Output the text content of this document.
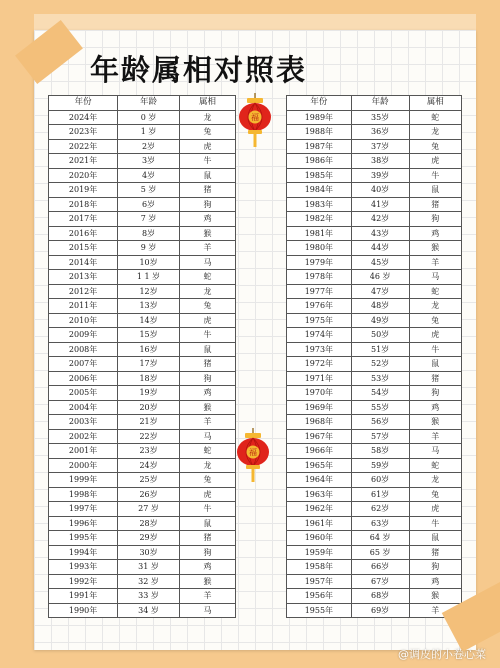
年龄属相对照表
年份	年龄	属相
2024年	0 岁	龙
2023年	1 岁	兔
2022年	2岁	虎
2021年	3岁	牛
2020年	4岁	鼠
2019年	5 岁	猪
2018年	6岁	狗
2017年	7 岁	鸡
2016年	8岁	猴
2015年	9 岁	羊
2014年	10岁	马
2013年	1 1 岁	蛇
2012年	12岁	龙
2011年	13岁	兔
2010年	14岁	虎
2009年	15岁	牛
2008年	16岁	鼠
2007年	17岁	猪
2006年	18岁	狗
2005年	19岁	鸡
2004年	20岁	猴
2003年	21岁	羊
2002年	22岁	马
2001年	23岁	蛇
2000年	24岁	龙
1999年	25岁	兔
1998年	26岁	虎
1997年	27 岁	牛
1996年	28岁	鼠
1995年	29岁	猪
1994年	30岁	狗
1993年	31 岁	鸡
1992年	32 岁	猴
1991年	33 岁	羊
1990年	34 岁	马
年份	年龄	属相
1989年	35岁	蛇
1988年	36岁	龙
1987年	37岁	兔
1986年	38岁	虎
1985年	39岁	牛
1984年	40岁	鼠
1983年	41岁	猪
1982年	42岁	狗
1981年	43岁	鸡
1980年	44岁	猴
1979年	45岁	羊
1978年	46 岁	马
1977年	47岁	蛇
1976年	48岁	龙
1975年	49岁	兔
1974年	50岁	虎
1973年	51岁	牛
1972年	52岁	鼠
1971年	53岁	猪
1970年	54岁	狗
1969年	55岁	鸡
1968年	56岁	猴
1967年	57岁	羊
1966年	58岁	马
1965年	59岁	蛇
1964年	60岁	龙
1963年	61岁	兔
1962年	62岁	虎
1961年	63岁	牛
1960年	64 岁	鼠
1959年	65 岁	猪
1958年	66岁	狗
1957年	67岁	鸡
1956年	68岁	猴
1955年	69岁	羊
福
福
@调皮的小卷心菜
